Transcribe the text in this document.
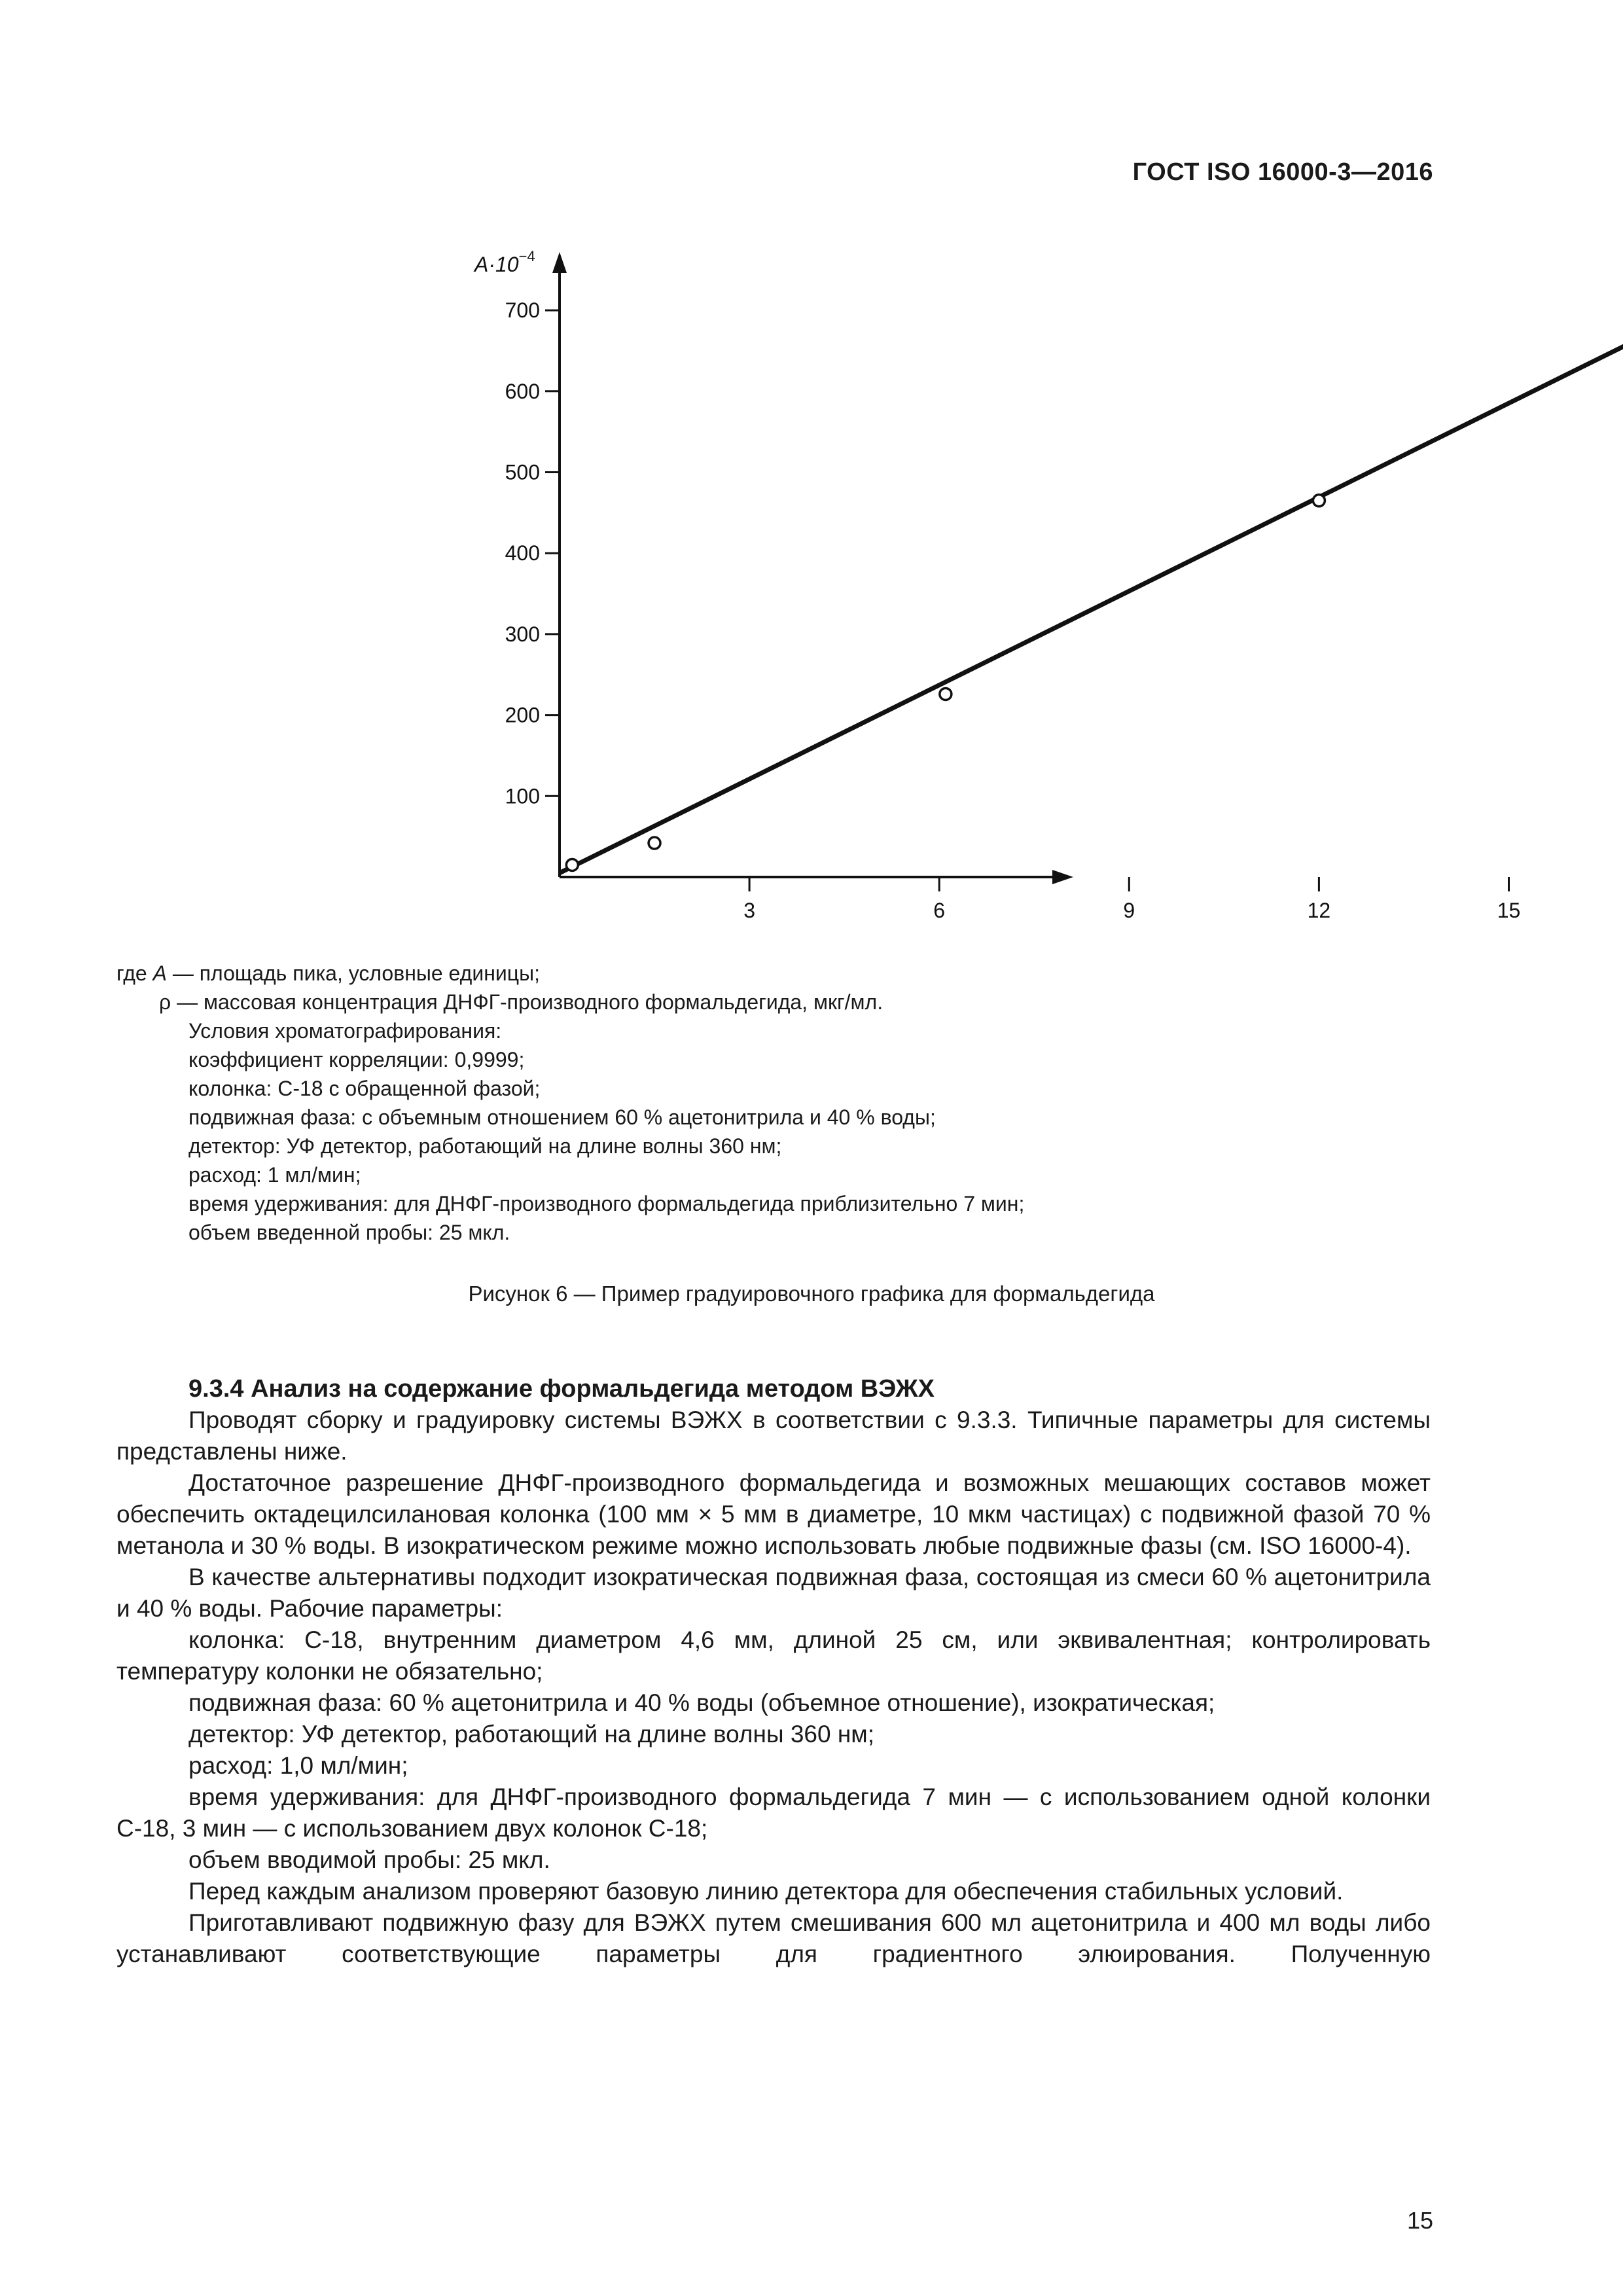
ГОСТ ISO 16000-3—2016
3	6	9	12	15
100
200
300
400
500
600
700
$A\cdot 10^{-4}$
где A — площадь пика, условные единицы;
ρ — массовая концентрация ДНФГ-производного формальдегида, мкг/мл.
Условия хроматографирования:
коэффициент корреляции: 0,9999;
колонка: С-18 с обращенной фазой;
подвижная фаза: с объемным отношением 60 % ацетонитрила и 40 % воды;
детектор: УФ детектор, работающий на длине волны 360 нм;
расход: 1 мл/мин;
время удерживания: для ДНФГ-производного формальдегида приблизительно 7 мин;
объем введенной пробы: 25 мкл.
Рисунок 6 — Пример градуировочного графика для формальдегида
9.3.4 Анализ на содержание формальдегида методом ВЭЖХ

Проводят сборку и градуировку системы ВЭЖХ в соответствии с 9.3.3. Типичные параметры для системы представлены ниже.

Достаточное разрешение ДНФГ-производного формальдегида и возможных мешающих составов может обеспечить октадецилсилановая колонка (100 мм × 5 мм в диаметре, 10 мкм частицах) с подвижной фазой 70 % метанола и 30 % воды. В изократическом режиме можно использовать любые подвижные фазы (см. ISO 16000-4).

В качестве альтернативы подходит изократическая подвижная фаза, состоящая из смеси 60 % ацетонитрила и 40 % воды. Рабочие параметры:

колонка: С-18, внутренним диаметром 4,6 мм, длиной 25 см, или эквивалентная; контролировать температуру колонки не обязательно;

подвижная фаза: 60 % ацетонитрила и 40 % воды (объемное отношение), изократическая;

детектор: УФ детектор, работающий на длине волны 360 нм;

расход: 1,0 мл/мин;

время удерживания: для ДНФГ-производного формальдегида 7 мин — с использованием одной колонки С-18, 3 мин — с использованием двух колонок С-18;

объем вводимой пробы: 25 мкл.

Перед каждым анализом проверяют базовую линию детектора для обеспечения стабильных условий.

Приготавливают подвижную фазу для ВЭЖХ путем смешивания 600 мл ацетонитрила и 400 мл воды либо устанавливают соответствующие параметры для градиентного элюирования. Полученную

15
